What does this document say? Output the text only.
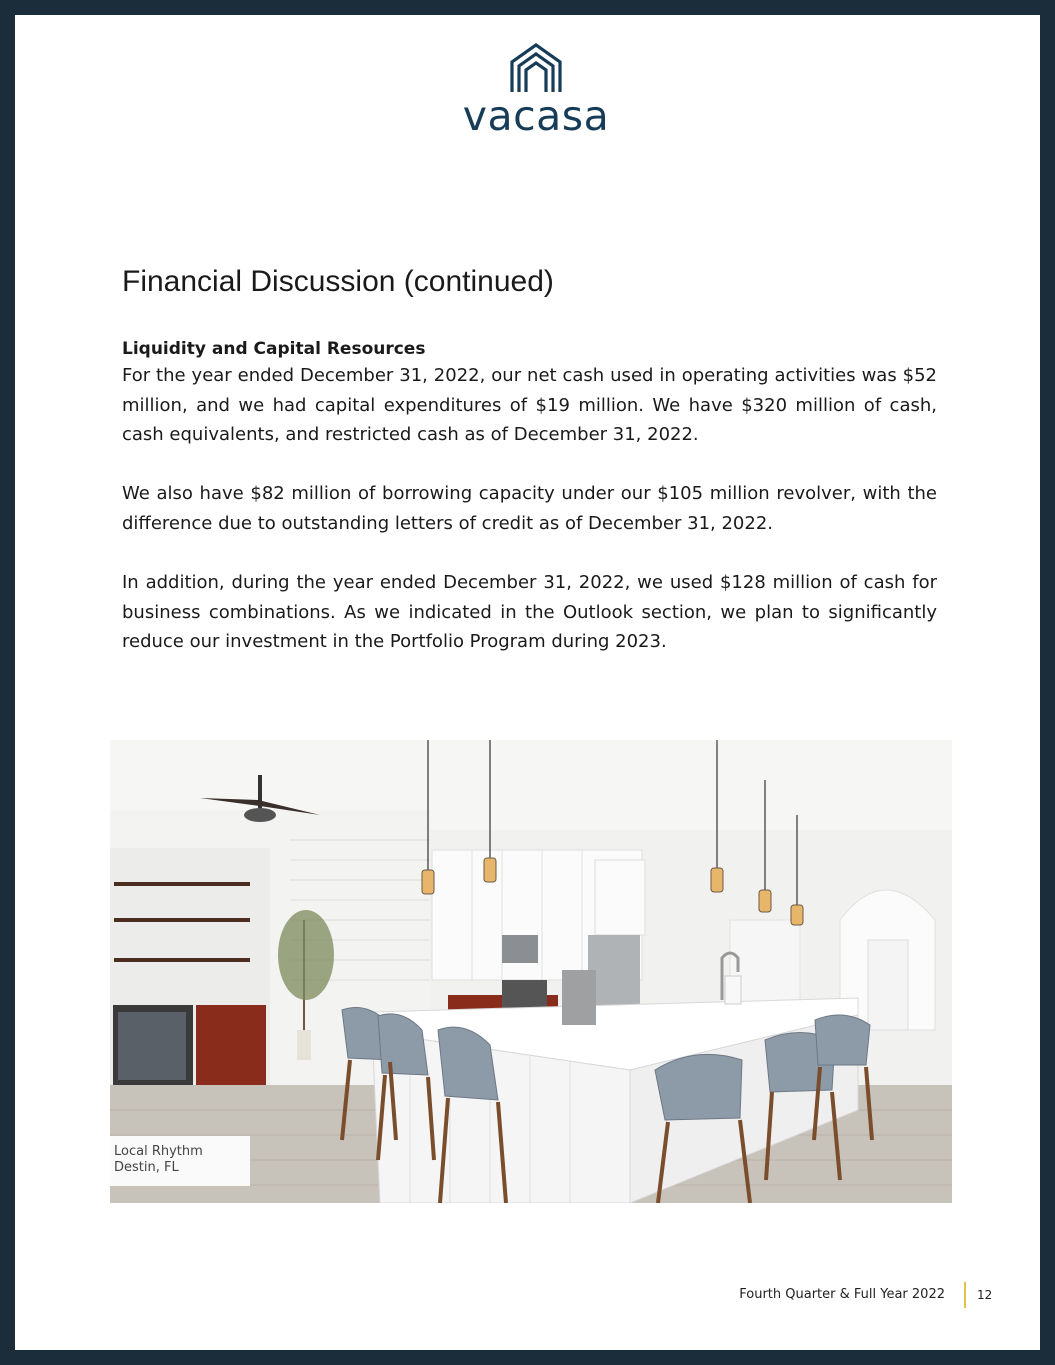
vacasa
Financial Discussion (continued)

Liquidity and Capital Resources

For the year ended December 31, 2022, our net cash used in operating activities was $52 million, and we had capital expenditures of $19 million. We have $320 million of cash, cash equivalents, and restricted cash as of December 31, 2022.

We also have $82 million of borrowing capacity under our $105 million revolver, with the difference due to outstanding letters of credit as of December 31, 2022.

In addition, during the year ended December 31, 2022, we used $128 million of cash for business combinations. As we indicated in the Outlook section, we plan to significantly reduce our investment in the Portfolio Program during 2023.

Local Rhythm
Destin, FL
Fourth Quarter & Full Year 2022	12
